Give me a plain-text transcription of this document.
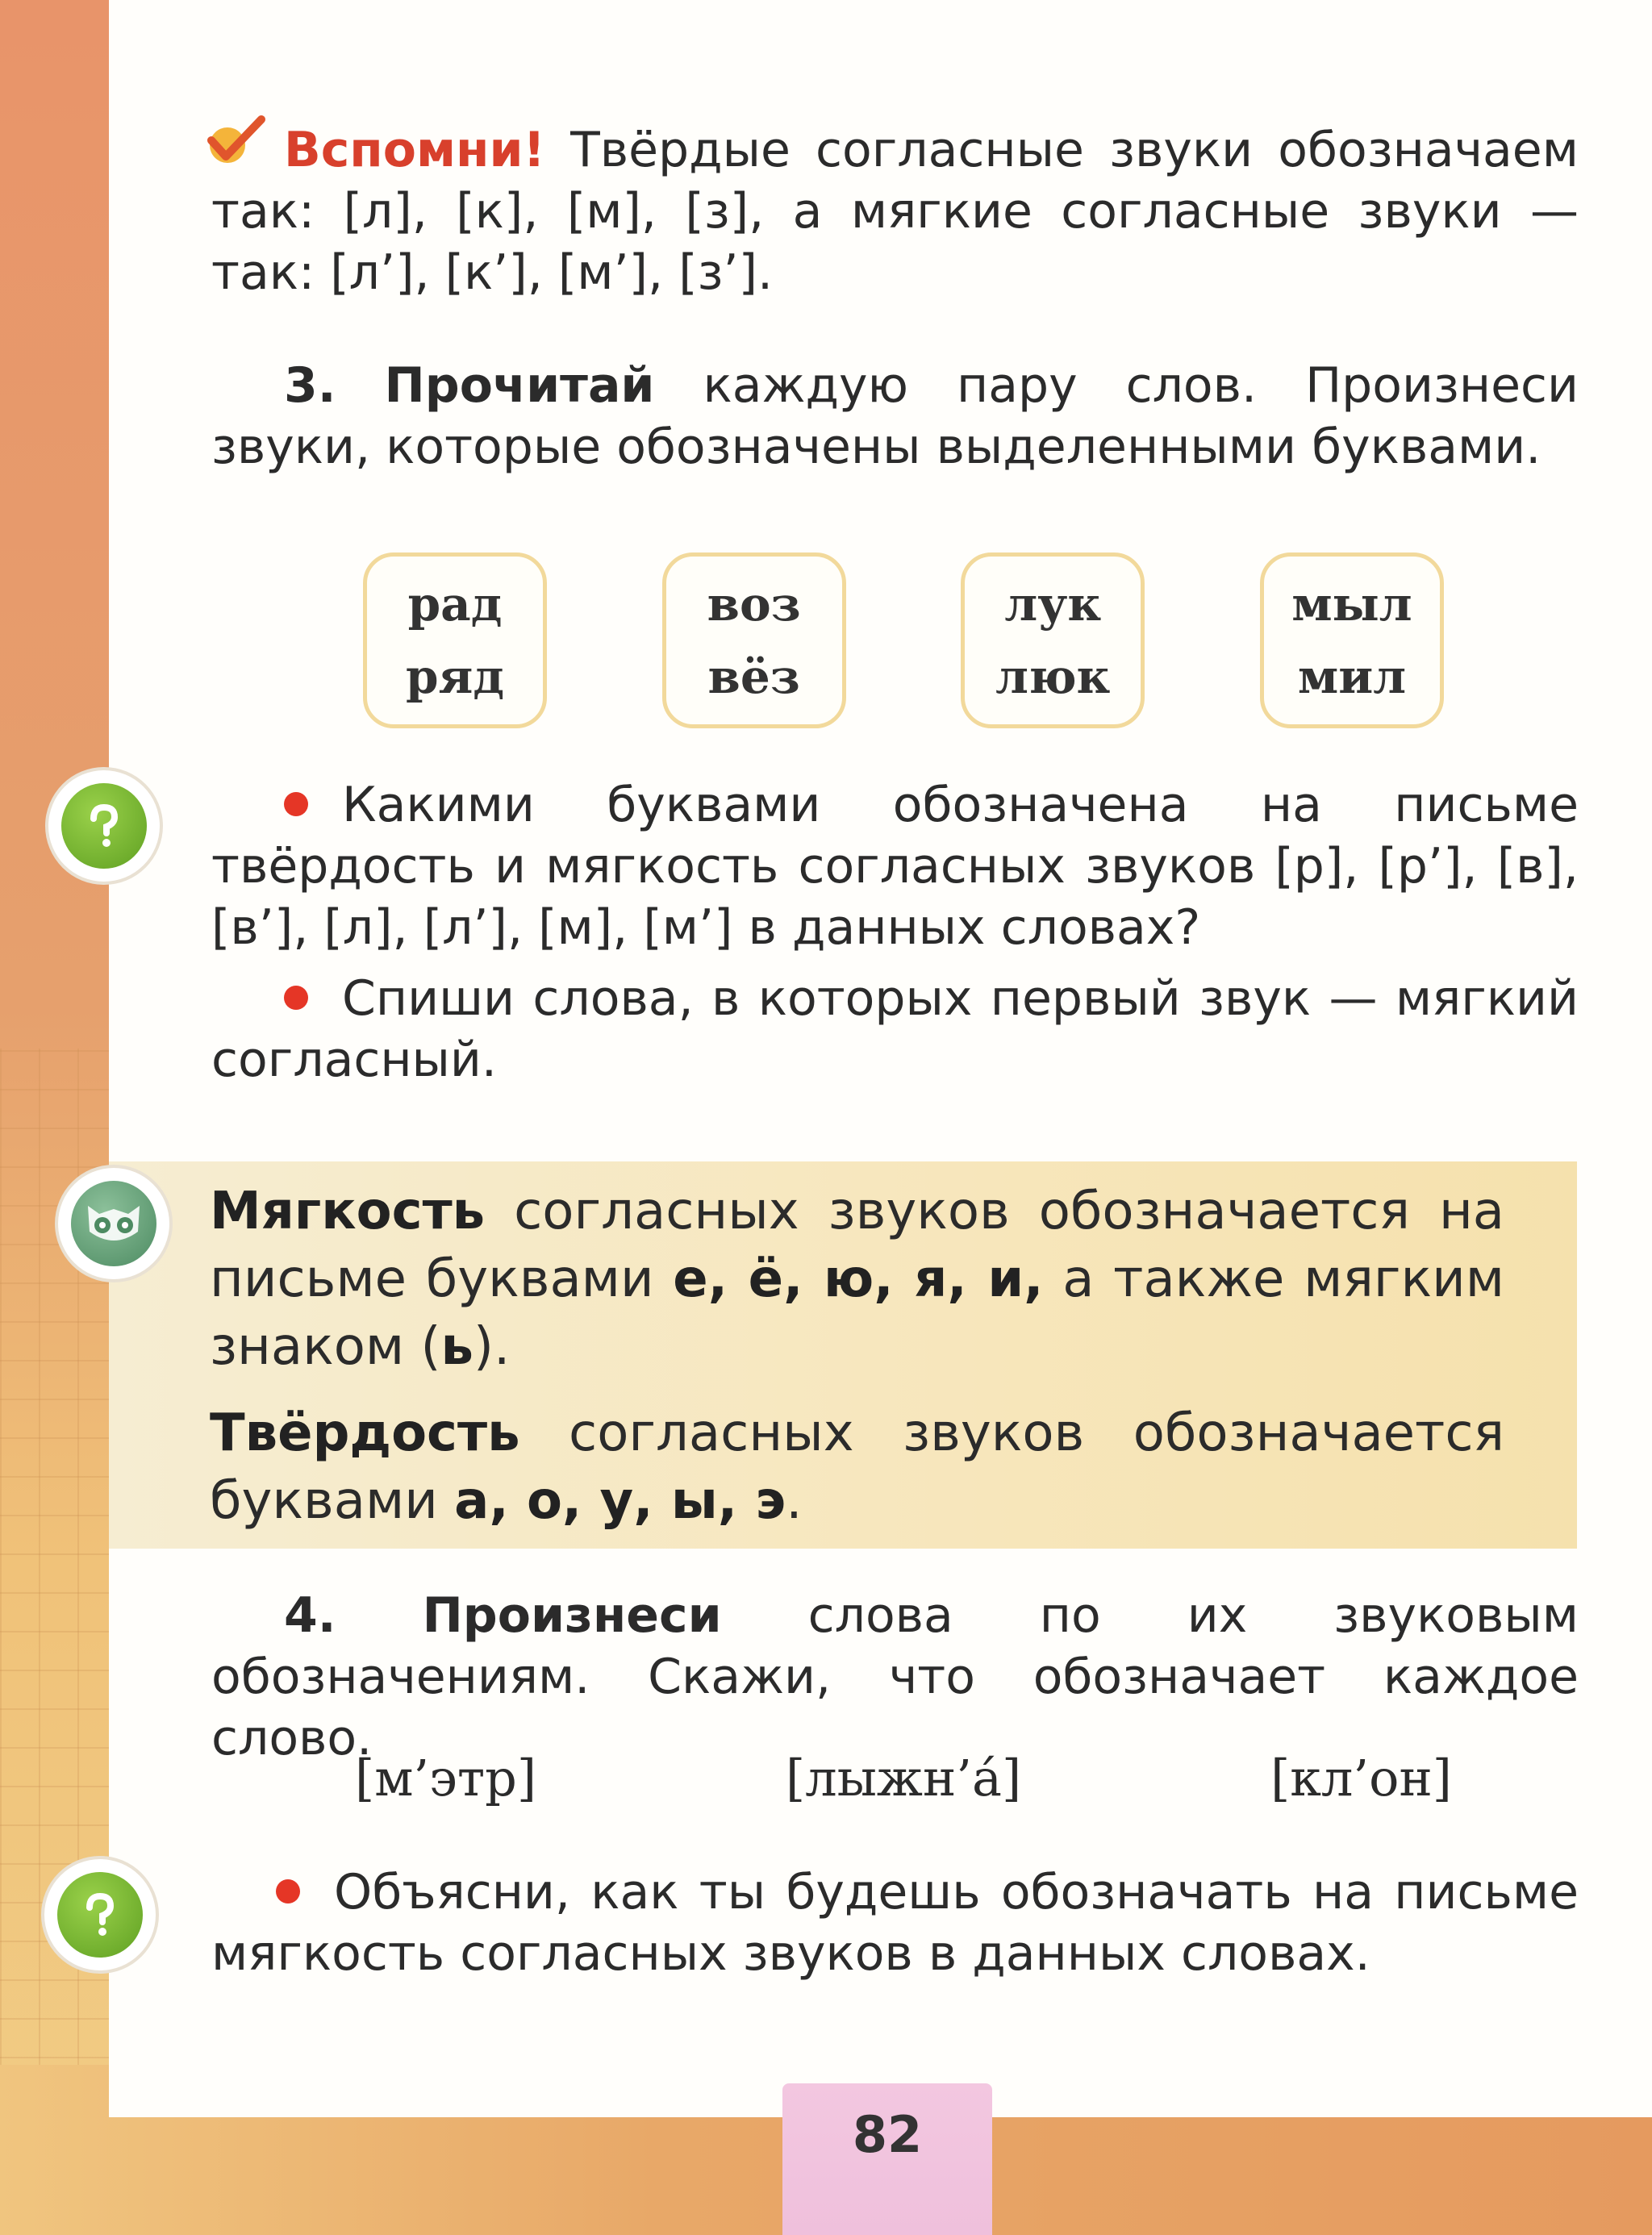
Вспомни! Твёрдые согласные звуки обозначаем так: [л], [к], [м], [з], а мягкие согласные звуки — так: [л’], [к’], [м’], [з’].
3. Прочитай каждую пару слов. Произнеси звуки, которые обозначены выделенными буквами.
рад
ряд
воз
вёз
лук
люк
мыл
мил
Какими буквами обозначена на письме твёрдость и мягкость согласных звуков [р], [р’], [в], [в’], [л], [л’], [м], [м’] в данных словах?
Спиши слова, в которых первый звук — мягкий согласный.
Мягкость согласных звуков обозначается на письме буквами е, ё, ю, я, и, а также мягким знаком (ь).
Твёрдость согласных звуков обозначается буквами а, о, у, ы, э.
4. Произнеси слова по их звуковым обозначениям. Скажи, что обозначает каждое слово.
[м’этр]	[лыжн’а́]	[кл’он]
Объясни, как ты будешь обозначать на письме мягкость согласных звуков в данных словах.
82
